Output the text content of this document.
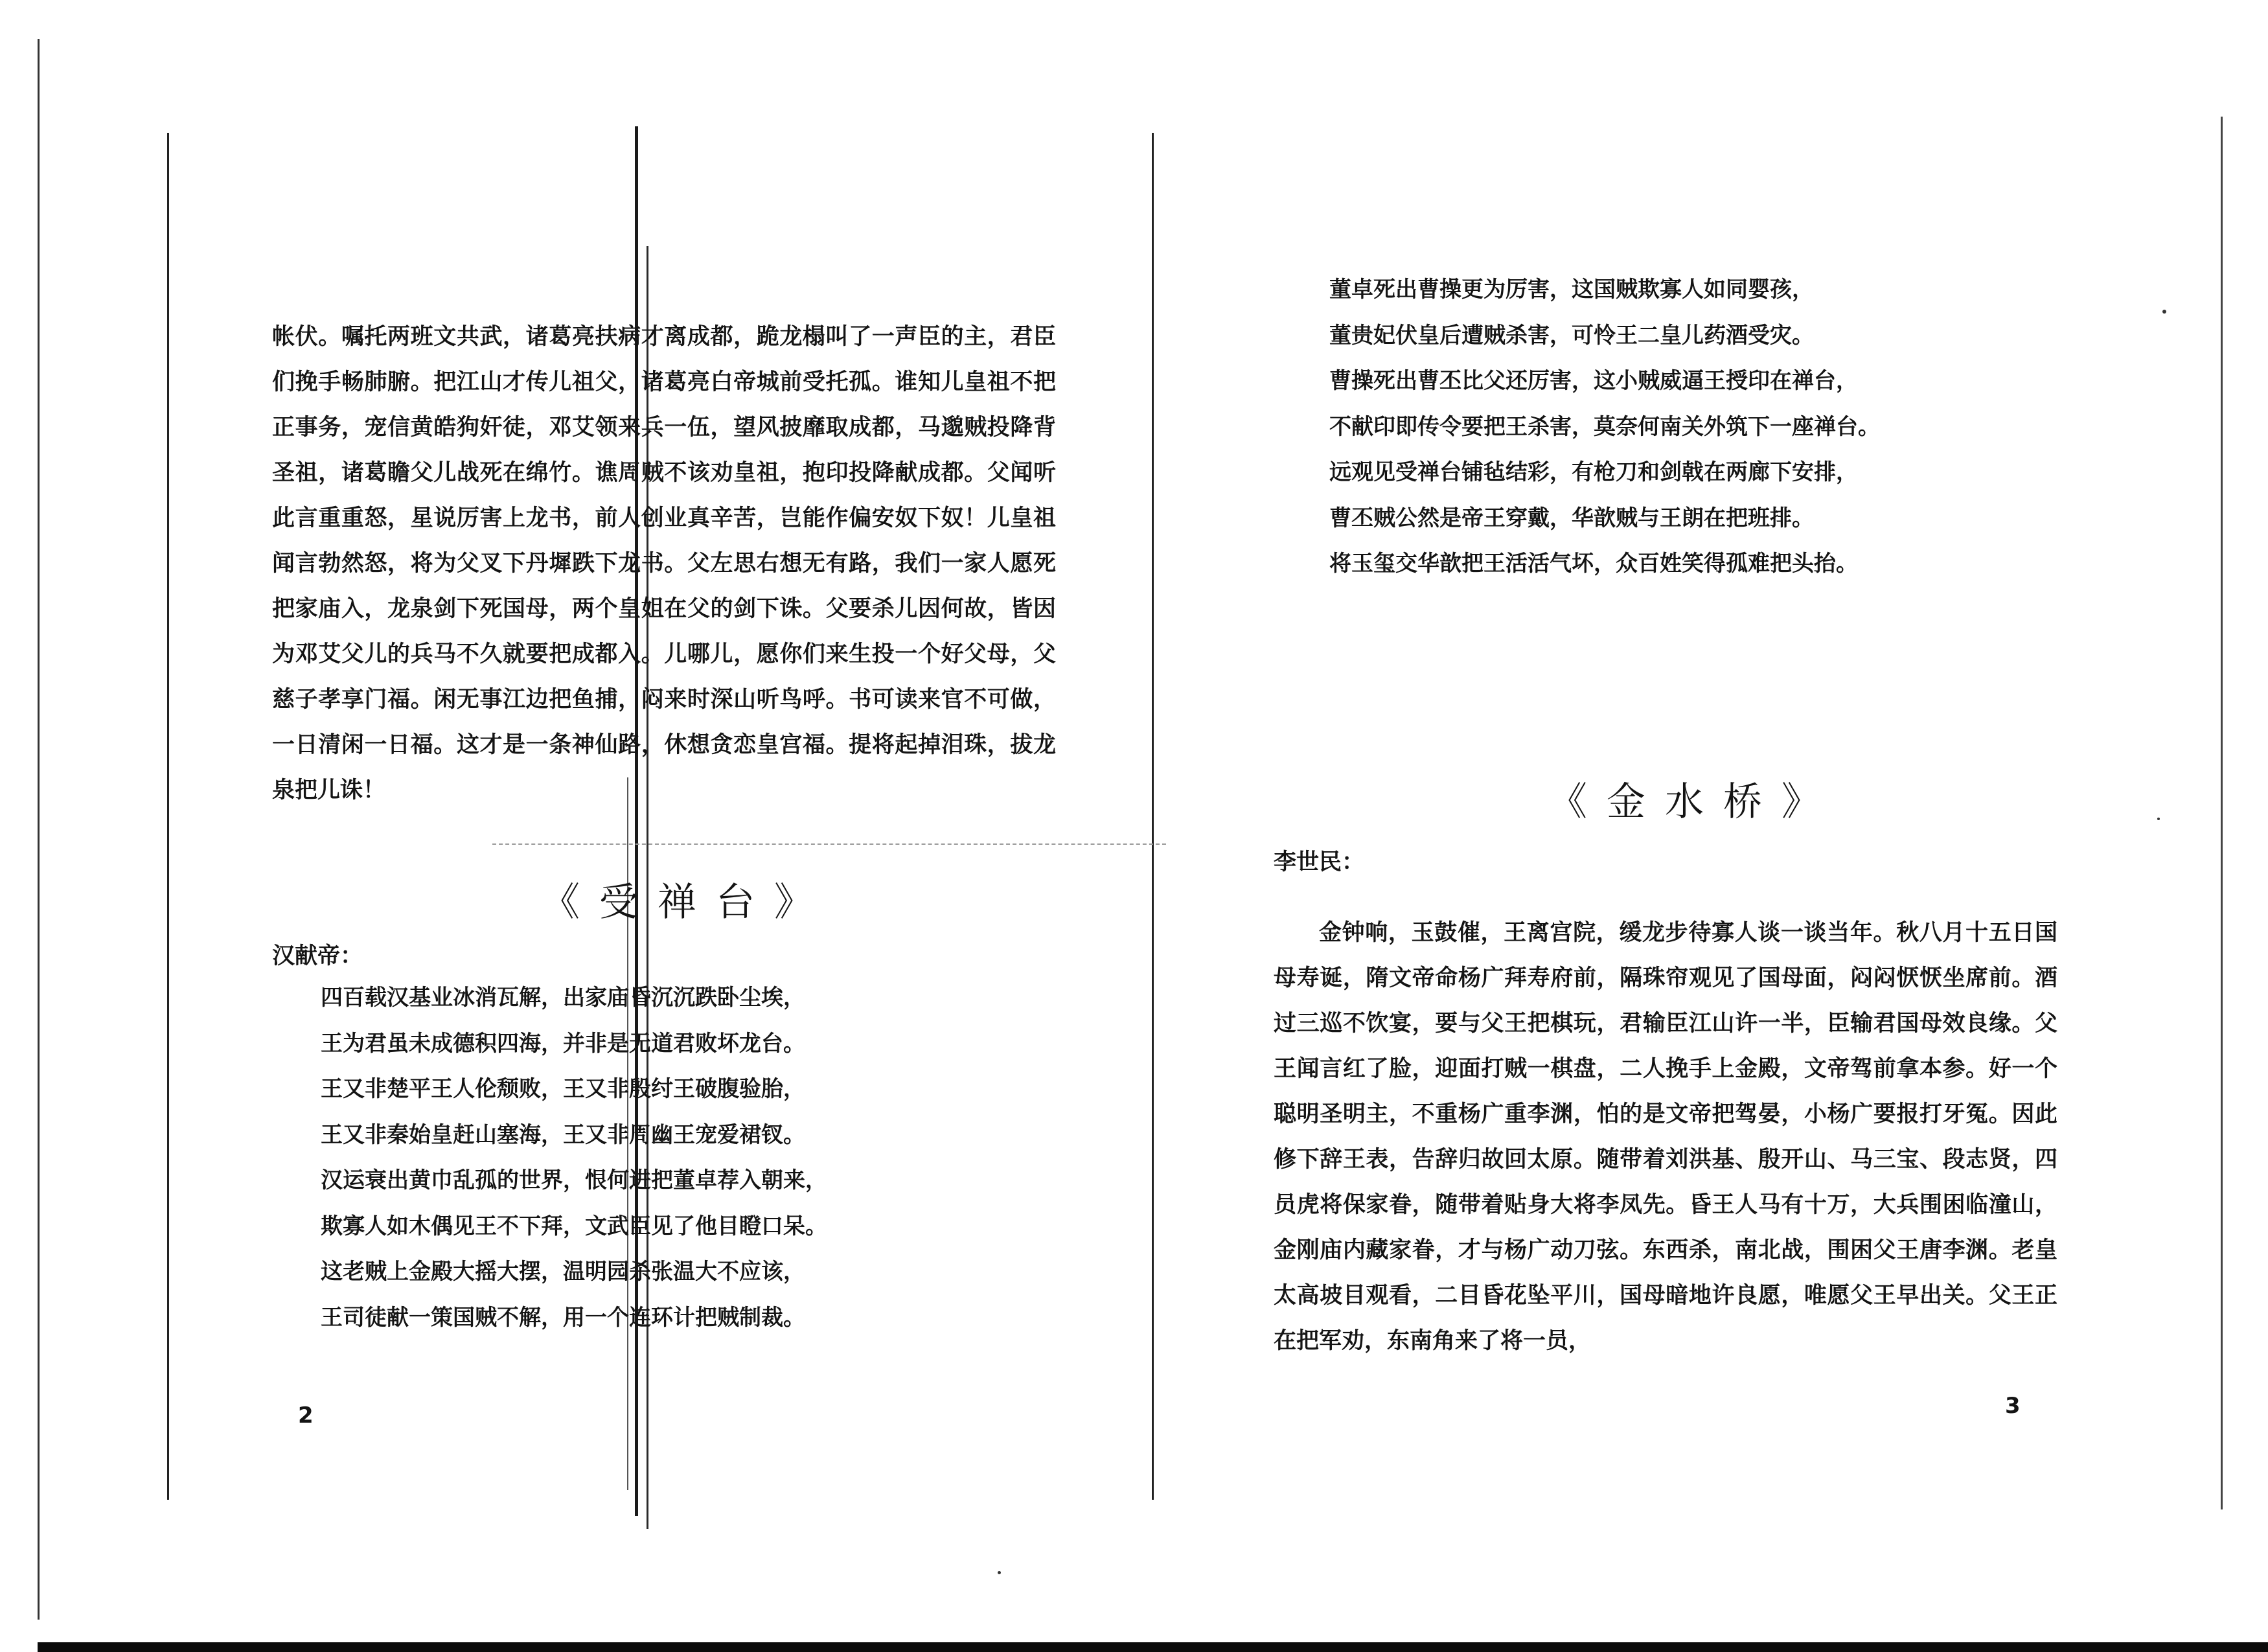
帐伏。嘱托两班文共武，诸葛亮扶病才离成都，跪龙榻叫了一声臣的主，君臣们挽手畅肺腑。把江山才传儿祖父，诸葛亮白帝城前受托孤。谁知儿皇祖不把正事务，宠信黄皓狗奸徒，邓艾领来兵一伍，望风披靡取成都，马邈贼投降背圣祖，诸葛瞻父儿战死在绵竹。谯周贼不该劝皇祖，抱印投降献成都。父闻听此言重重怒，星说厉害上龙书，前人创业真辛苦，岂能作偏安奴下奴！儿皇祖闻言勃然怒，将为父叉下丹墀跌下龙书。父左思右想无有路，我们一家人愿死把家庙入，龙泉剑下死国母，两个皇姐在父的剑下诛。父要杀儿因何故，皆因为邓艾父儿的兵马不久就要把成都入。儿哪儿，愿你们来生投一个好父母，父慈子孝享门福。闲无事江边把鱼捕，闷来时深山听鸟呼。书可读来官不可做，一日清闲一日福。这才是一条神仙路，休想贪恋皇宫福。提将起掉泪珠，拔龙泉把儿诛！

《受禅台》
汉献帝：
四百载汉基业冰消瓦解，出家庙昏沉沉跌卧尘埃，
王为君虽未成德积四海，并非是无道君败坏龙台。
王又非楚平王人伦颓败，王又非殷纣王破腹验胎，
王又非秦始皇赶山塞海，王又非周幽王宠爱裙钗。
汉运衰出黄巾乱孤的世界，恨何进把董卓荐入朝来，
欺寡人如木偶见王不下拜，文武臣见了他目瞪口呆。
这老贼上金殿大摇大摆，温明园杀张温大不应该，
王司徒献一策国贼不解，用一个连环计把贼制裁。
2
董卓死出曹操更为厉害，这国贼欺寡人如同婴孩，
董贵妃伏皇后遭贼杀害，可怜王二皇儿药酒受灾。
曹操死出曹丕比父还厉害，这小贼威逼王授印在禅台，
不献印即传令要把王杀害，莫奈何南关外筑下一座禅台。
远观见受禅台铺毡结彩，有枪刀和剑戟在两廊下安排，
曹丕贼公然是帝王穿戴，华歆贼与王朗在把班排。
将玉玺交华歆把王活活气坏，众百姓笑得孤难把头抬。
《金水桥》
李世民：

金钟响，玉鼓催，王离宫院，缓龙步待寡人谈一谈当年。秋八月十五日国母寿诞，隋文帝命杨广拜寿府前，隔珠帘观见了国母面，闷闷恹恹坐席前。酒过三巡不饮宴，要与父王把棋玩，君输臣江山许一半，臣输君国母效良缘。父王闻言红了脸，迎面打贼一棋盘，二人挽手上金殿，文帝驾前拿本参。好一个聪明圣明主，不重杨广重李渊，怕的是文帝把驾晏，小杨广要报打牙冤。因此修下辞王表，告辞归故回太原。随带着刘洪基、殷开山、马三宝、段志贤，四员虎将保家眷，随带着贴身大将李凤先。昏王人马有十万，大兵围困临潼山，金刚庙内藏家眷，才与杨广动刀弦。东西杀，南北战，围困父王唐李渊。老皇太高坡目观看，二目昏花坠平川，国母暗地许良愿，唯愿父王早出关。父王正在把军劝，东南角来了将一员，

3
